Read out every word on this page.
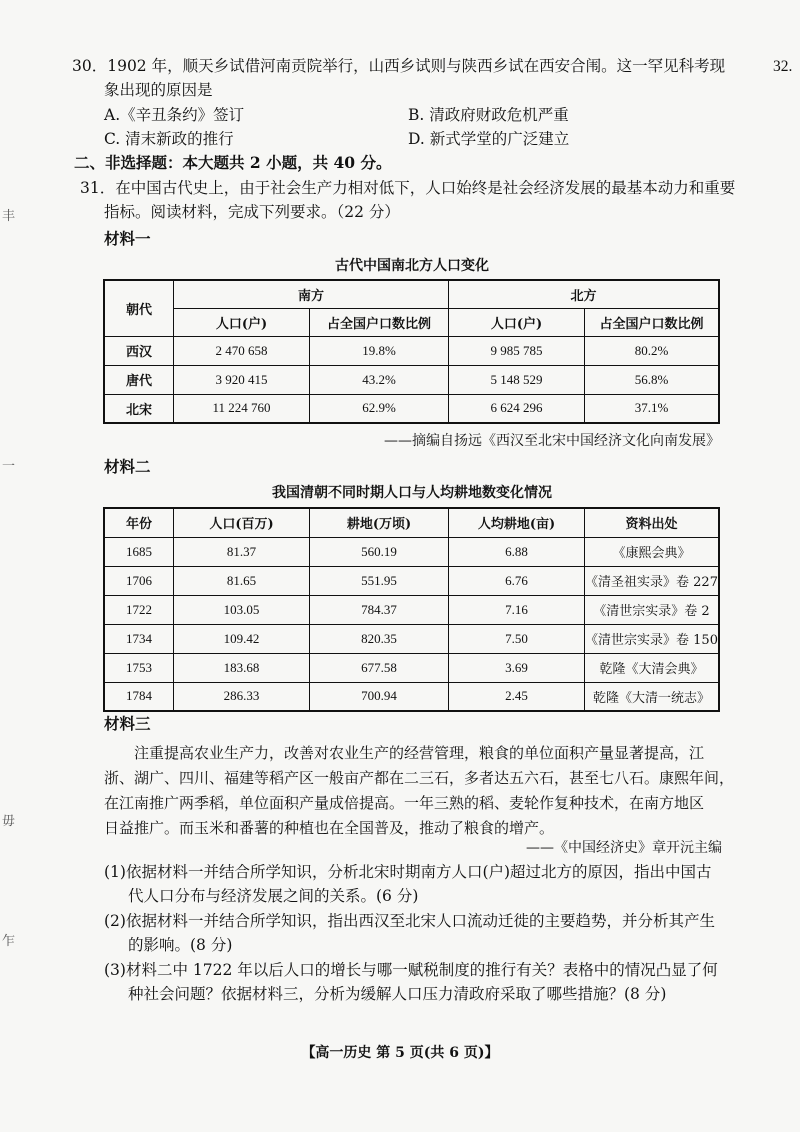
丰
一
毋
乍
32.
30．1902 年，顺天乡试借河南贡院举行，山西乡试则与陕西乡试在西安合闱。这一罕见科考现
象出现的原因是
A.《辛丑条约》签订	B. 清政府财政危机严重
C. 清末新政的推行	D. 新式学堂的广泛建立
二、非选择题：本大题共 2 小题，共 40 分。
31．在中国古代史上，由于社会生产力相对低下，人口始终是社会经济发展的最基本动力和重要
指标。阅读材料，完成下列要求。（22 分）
材料一
古代中国南北方人口变化
朝代	南方		北方	
	人口(户)	占全国户口数比例	人口(户)	占全国户口数比例
西汉	2 470 658	19.8%	9 985 785	80.2%
唐代	3 920 415	43.2%	5 148 529	56.8%
北宋	11 224 760	62.9%	6 624 296	37.1%
——摘编自扬远《西汉至北宋中国经济文化向南发展》
材料二
我国清朝不同时期人口与人均耕地数变化情况
年份	人口(百万)	耕地(万顷)	人均耕地(亩)	资料出处
1685	81.37	560.19	6.88	《康熙会典》
1706	81.65	551.95	6.76	《清圣祖实录》卷 227
1722	103.05	784.37	7.16	《清世宗实录》卷 2
1734	109.42	820.35	7.50	《清世宗实录》卷 150
1753	183.68	677.58	3.69	乾隆《大清会典》
1784	286.33	700.94	2.45	乾隆《大清一统志》
材料三
注重提高农业生产力，改善对农业生产的经营管理，粮食的单位面积产量显著提高，江
浙、湖广、四川、福建等稻产区一般亩产都在二三石，多者达五六石，甚至七八石。康熙年间，
在江南推广两季稻，单位面积产量成倍提高。一年三熟的稻、麦轮作复种技术，在南方地区
日益推广。而玉米和番薯的种植也在全国普及，推动了粮食的增产。
——《中国经济史》章开沅主编
(1)依据材料一并结合所学知识，分析北宋时期南方人口(户)超过北方的原因，指出中国古
代人口分布与经济发展之间的关系。(6 分)
(2)依据材料一并结合所学知识，指出西汉至北宋人口流动迁徙的主要趋势，并分析其产生
的影响。(8 分)
(3)材料二中 1722 年以后人口的增长与哪一赋税制度的推行有关？表格中的情况凸显了何
种社会问题？依据材料三，分析为缓解人口压力清政府采取了哪些措施？(8 分)
【高一历史 第 5 页(共 6 页)】
